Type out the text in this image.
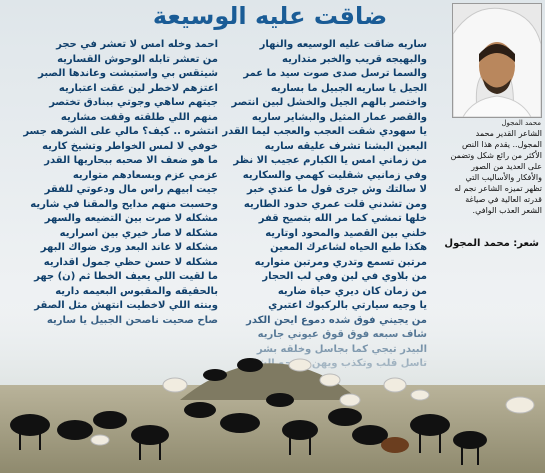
ضاقت عليه الوسيعة
محمد المجول
الشاعر القدير محمد المجول.. يقدم هذا النص الأكثر من رائع شكل وتضمن على العديد من الصور والأفكار والأساليب التي تظهر تميزه الشاعر نجم له قدرته العالية في صياغة الشعر العذب الوافي.
شعر: محمد المجول
ساريه ضاقت عليه الوسيعه والنهار
والبهيجه قريب والخبر متداريه
والسما ترسل صدى صوت سيد ما عمر
الجيل يا ساريه الجبيل ما بساريه
واختصر بالهم الجيل والخشل لبين انتصر
والقصر عمار المثيل والبشاير ساريه
يا سهودي شقت العجب والعجب ليما القدر
البعين البشنا تشرف عليقه ساريه
من زماني امس يا الكبارم عجيب الا نظر
وفي زمانيي شقليت كهمي والسكاريه
لا سالتك وش جرى قول ما عندي خبر
ومن تشدني قلت عمري حدود الطاريه
خلها تمشي كما مر الله بتصيح قفر
خلني بين القصيد والمحود اوتاريه
هكذا طبع الحياه لشاعرك المعين
مرتبن تسمع وتدري ومرتبن متواريه
من بلاوي في لبن وفي لب الحجار
من زمان كان ديري حياة ضاريه
احمد وخله امس لا تعشر في حجر
من تعشر تابله الوحوش القساريه
شيتقس بي واستبشت وعاندها الصبر
اعتزهم لاخطر لين عقت اعتباريه
جيتهم ساهي وجوتي ببنادق تختصر
منهم اللي طلقته وقفت مشاريه
انتشره .. كيف؟ مالي على الشرهه جسر
خوفي لا لمس الخواطر وتشيخ كاريه
ما هو ضعف الا صحبه ببحاريها القدر
عزمي عزم وبسعادهم متواريه
جيت ابيهم راس مال ودعوتي للفقر
وحسبت منهم مدايح والمقنا في شاريه
مشكله لا صرت بين التضيعه والسهر
مشكله لا صار خيري بين اسراريه
مشكله لا عاند البعد ورى ضواك البهر
مشكله لا حسن حظي جمول اقداريه
ما لقيت اللي يعيف الخطا ثم (ن) جهر
بالحقيقه والمقبوس البعيمه داريه
